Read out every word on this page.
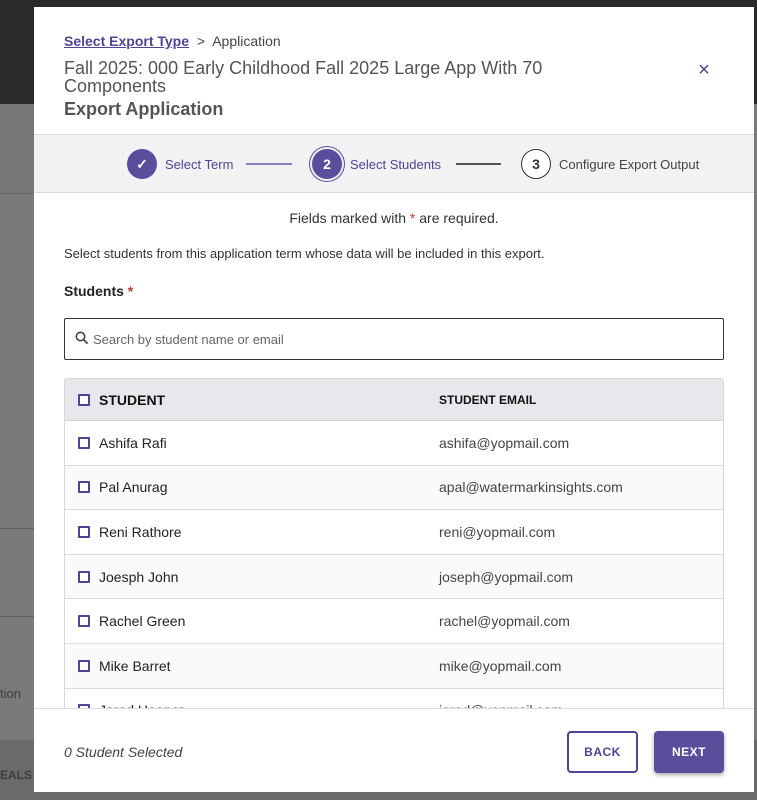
tion
EALS
Select Export Type > Application
Fall 2025: 000 Early Childhood Fall 2025 Large App With 70 Components
Export Application
×
✓	Select Term	2	Select Students	3	Configure Export Output
Fields marked with * are required.
Select students from this application term whose data will be included in this export.
Students *
Search by student name or email
STUDENT	STUDENT EMAIL
Ashifa Rafi	ashifa@yopmail.com
Pal Anurag	apal@watermarkinsights.com
Reni Rathore	reni@yopmail.com
Joesph John	joseph@yopmail.com
Rachel Green	rachel@yopmail.com
Mike Barret	mike@yopmail.com
0 Student Selected	BACK	NEXT
